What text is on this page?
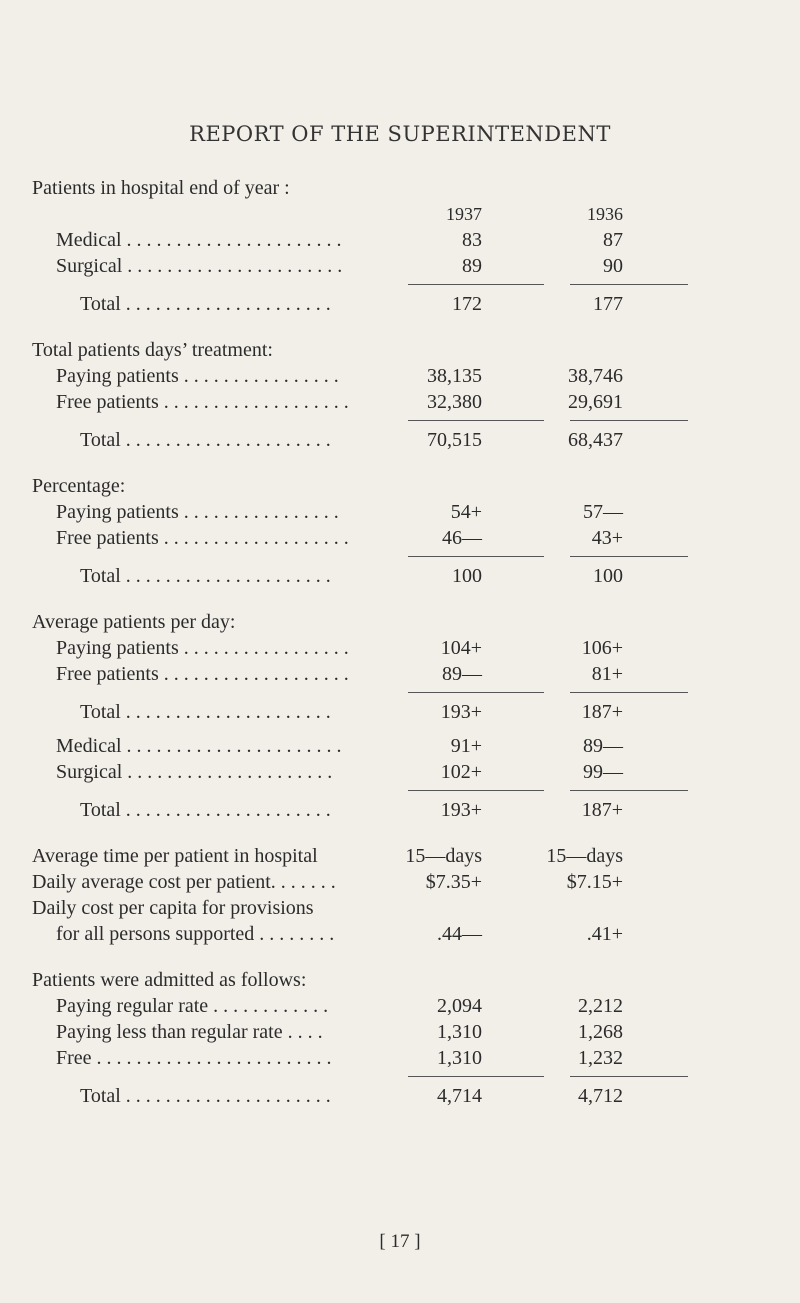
REPORT OF THE SUPERINTENDENT
Patients in hospital end of year :
1937	1936
Medical . . . . . . . . . . . . . . . . . . . . . .	83	87
Surgical . . . . . . . . . . . . . . . . . . . . . .	89	90
Total . . . . . . . . . . . . . . . . . . . . .	172	177
Total patients days’ treatment:
Paying patients . . . . . . . . . . . . . . . .	38,135	38,746
Free patients . . . . . . . . . . . . . . . . . . .	32,380	29,691
Total . . . . . . . . . . . . . . . . . . . . .	70,515	68,437
Percentage:
Paying patients . . . . . . . . . . . . . . . .	54+	57—
Free patients . . . . . . . . . . . . . . . . . . .	46—	43+
Total . . . . . . . . . . . . . . . . . . . . .	100	100
Average patients per day:
Paying patients . . . . . . . . . . . . . . . . .	104+	106+
Free patients . . . . . . . . . . . . . . . . . . .	89—	81+
Total . . . . . . . . . . . . . . . . . . . . .	193+	187+
Medical . . . . . . . . . . . . . . . . . . . . . .	91+	89—
Surgical . . . . . . . . . . . . . . . . . . . . .	102+	99—
Total . . . . . . . . . . . . . . . . . . . . .	193+	187+
Average time per patient in hospital	15—days	15—days
Daily average cost per patient. . . . . . .	$7.35+	$7.15+
Daily cost per capita for provisions
for all persons supported . . . . . . . .	.44—	.41+
Patients were admitted as follows:
Paying regular rate . . . . . . . . . . . .	2,094	2,212
Paying less than regular rate . . . .	1,310	1,268
Free . . . . . . . . . . . . . . . . . . . . . . . .	1,310	1,232
Total . . . . . . . . . . . . . . . . . . . . .	4,714	4,712
[ 17 ]
